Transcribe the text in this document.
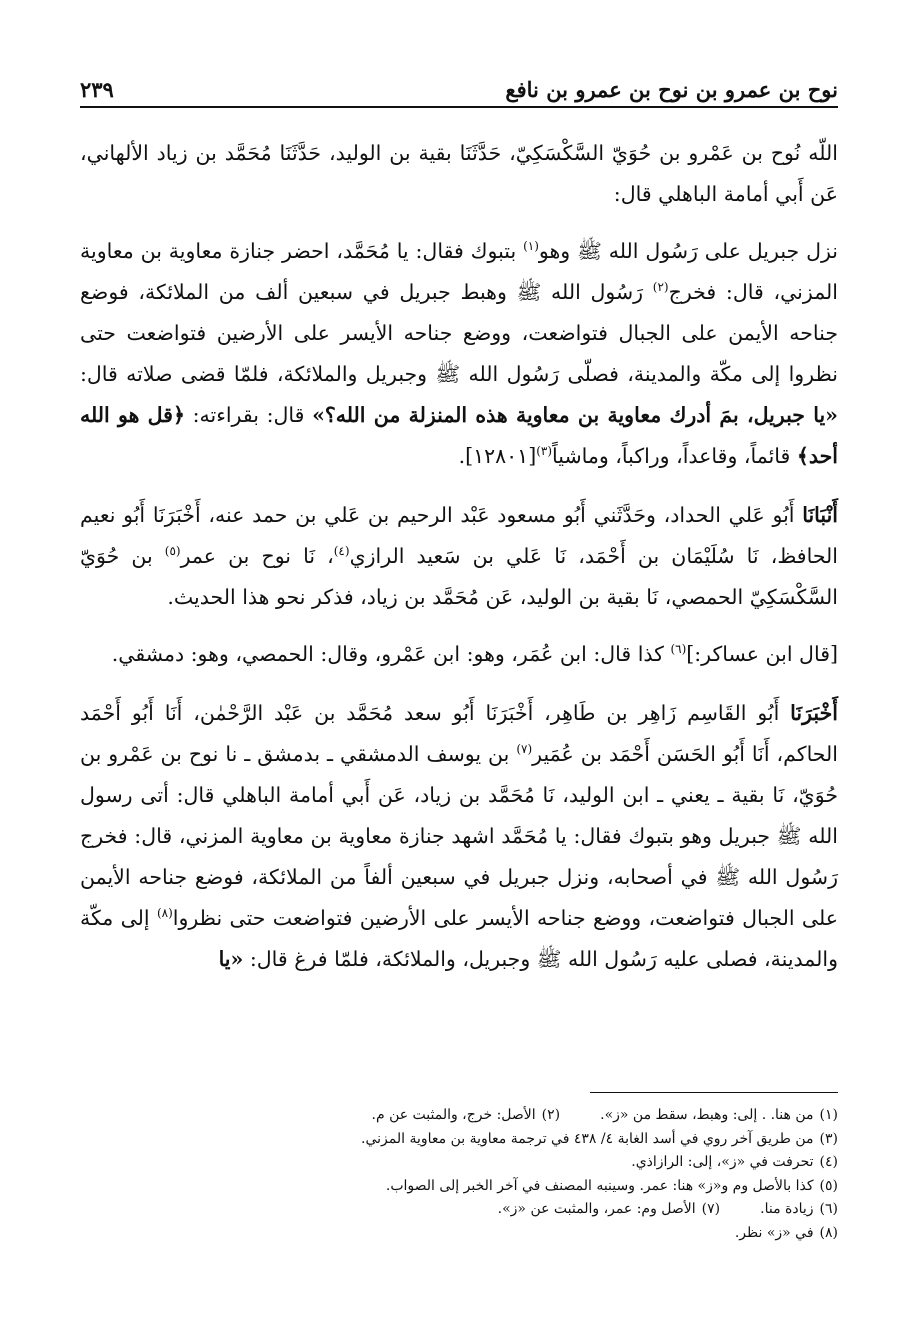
نوح بن عمرو بن نوح بن عمرو بن نافع
٢٣٩

اللّه نُوح بن عَمْرو بن حُوَيّ السَّكْسَكِيّ، حَدَّثَنَا بقية بن الوليد، حَدَّثَنَا مُحَمَّد بن زياد الألهاني، عَن أَبي أمامة الباهلي قال:

نزل جبريل على رَسُول الله ﷺ وهو$^{(١)}$ بتبوك فقال: يا مُحَمَّد، احضر جنازة معاوية بن معاوية المزني، قال: فخرج$^{(٢)}$ رَسُول الله ﷺ وهبط جبريل في سبعين ألف من الملائكة، فوضع جناحه الأيمن على الجبال فتواضعت، ووضع جناحه الأيسر على الأرضين فتواضعت حتى نظروا إلى مكّة والمدينة، فصلّى رَسُول الله ﷺ وجبريل والملائكة، فلمّا قضى صلاته قال: «يا جبريل، بمَ أدرك معاوية بن معاوية هذه المنزلة من الله؟» قال: بقراءته: ﴿قل هو الله أحد﴾ قائماً، وقاعداً، وراكباً، وماشياً$^{(٣)}$[١٢٨٠١].

أَنْبَانَا أَبُو عَلي الحداد، وحَدَّثَني أَبُو مسعود عَبْد الرحيم بن عَلي بن حمد عنه، أَخْبَرَنَا أَبُو نعيم الحافظ، نَا سُلَيْمَان بن أَحْمَد، نَا عَلي بن سَعيد الرازي$^{(٤)}$، نَا نوح بن عمر$^{(٥)}$ بن حُوَيّ السَّكْسَكِيّ الحمصي، نَا بقية بن الوليد، عَن مُحَمَّد بن زياد، فذكر نحو هذا الحديث.

[قال ابن عساكر:]$^{(٦)}$ كذا قال: ابن عُمَر، وهو: ابن عَمْرو، وقال: الحمصي، وهو: دمشقي.

أَخْبَرَنَا أَبُو القَاسِم زَاهِر بن طَاهِر، أَخْبَرَنَا أَبُو سعد مُحَمَّد بن عَبْد الرَّحْمٰن، أَنَا أَبُو أَحْمَد الحاكم، أَنَا أَبُو الحَسَن أَحْمَد بن عُمَير$^{(٧)}$ بن يوسف الدمشقي ـ بدمشق ـ نا نوح بن عَمْرو بن حُوَيّ، نَا بقية ـ يعني ـ ابن الوليد، نَا مُحَمَّد بن زياد، عَن أَبي أمامة الباهلي قال: أتى رسول الله ﷺ جبريل وهو بتبوك فقال: يا مُحَمَّد اشهد جنازة معاوية بن معاوية المزني، قال: فخرج رَسُول الله ﷺ في أصحابه، ونزل جبريل في سبعين ألفاً من الملائكة، فوضع جناحه الأيمن على الجبال فتواضعت، ووضع جناحه الأيسر على الأرضين فتواضعت حتى نظروا$^{(٨)}$ إلى مكّة والمدينة، فصلى عليه رَسُول الله ﷺ وجبريل، والملائكة، فلمّا فرغ قال: «يا

(١)من هنا. . إلى: وهبط، سقط من «ز».
(٢)الأصل: خرج، والمثبت عن م.
(٣)من طريق آخر روي في أسد الغابة ٤/ ٤٣٨ في ترجمة معاوية بن معاوية المزني.
(٤)تحرفت في «ز»، إلى: الرازاذي.
(٥)كذا بالأصل وم و«ز» هنا: عمر. وسينبه المصنف في آخر الخبر إلى الصواب.
(٦)زيادة منا.
(٧)الأصل وم: عمر، والمثبت عن «ز».
(٨)في «ز» نظر.
